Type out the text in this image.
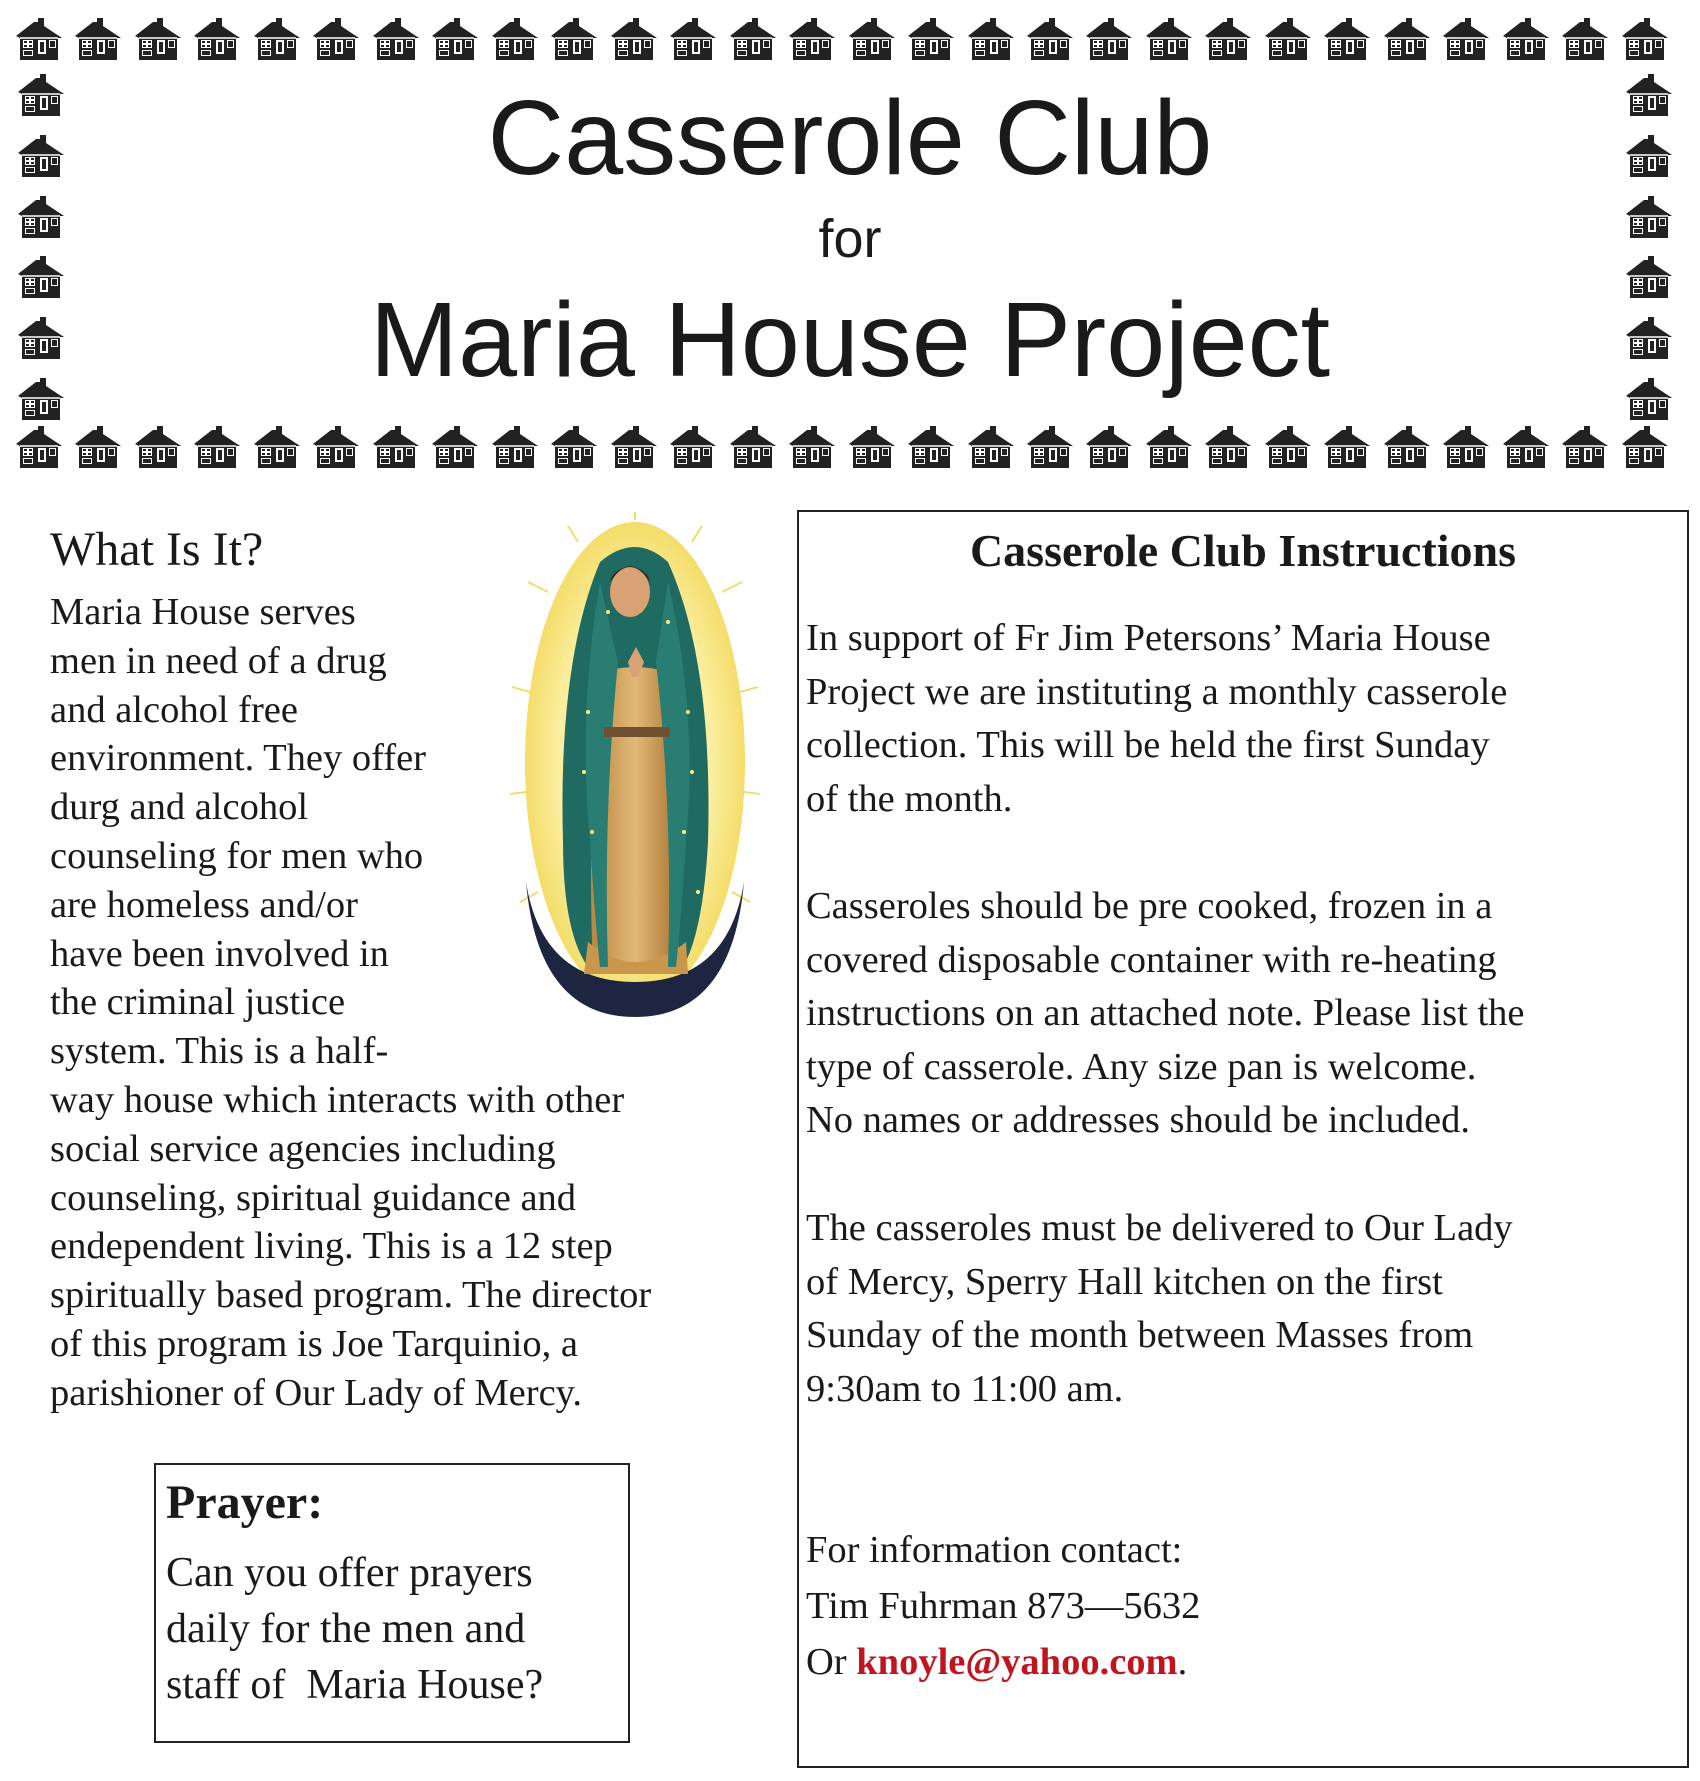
Casserole Club
for
Maria House Project
What Is It?
Maria House serves
men in need of a drug
and alcohol free
environment. They offer
durg and alcohol
counseling for men who
are homeless and/or
have been involved in
the criminal justice
system. This is a half-
way house which interacts with other
social service agencies including
counseling, spiritual guidance and
endependent living. This is a 12 step
spiritually based program. The director
of this program is Joe Tarquinio, a
parishioner of Our Lady of Mercy.
Prayer:
Can you offer prayers
daily for the men and
staff of  Maria House?
Casserole Club Instructions
In support of Fr Jim Petersons’ Maria House
Project we are instituting a monthly casserole
collection. This will be held the first Sunday
of the month.
Casseroles should be pre cooked, frozen in a
covered disposable container with re-heating
instructions on an attached note. Please list the
type of casserole. Any size pan is welcome.
No names or addresses should be included.
The casseroles must be delivered to Our Lady
of Mercy, Sperry Hall kitchen on the first
Sunday of the month between Masses from
9:30am to 11:00 am.
For information contact:
Tim Fuhrman 873—5632
Or knoyle@yahoo.com.
